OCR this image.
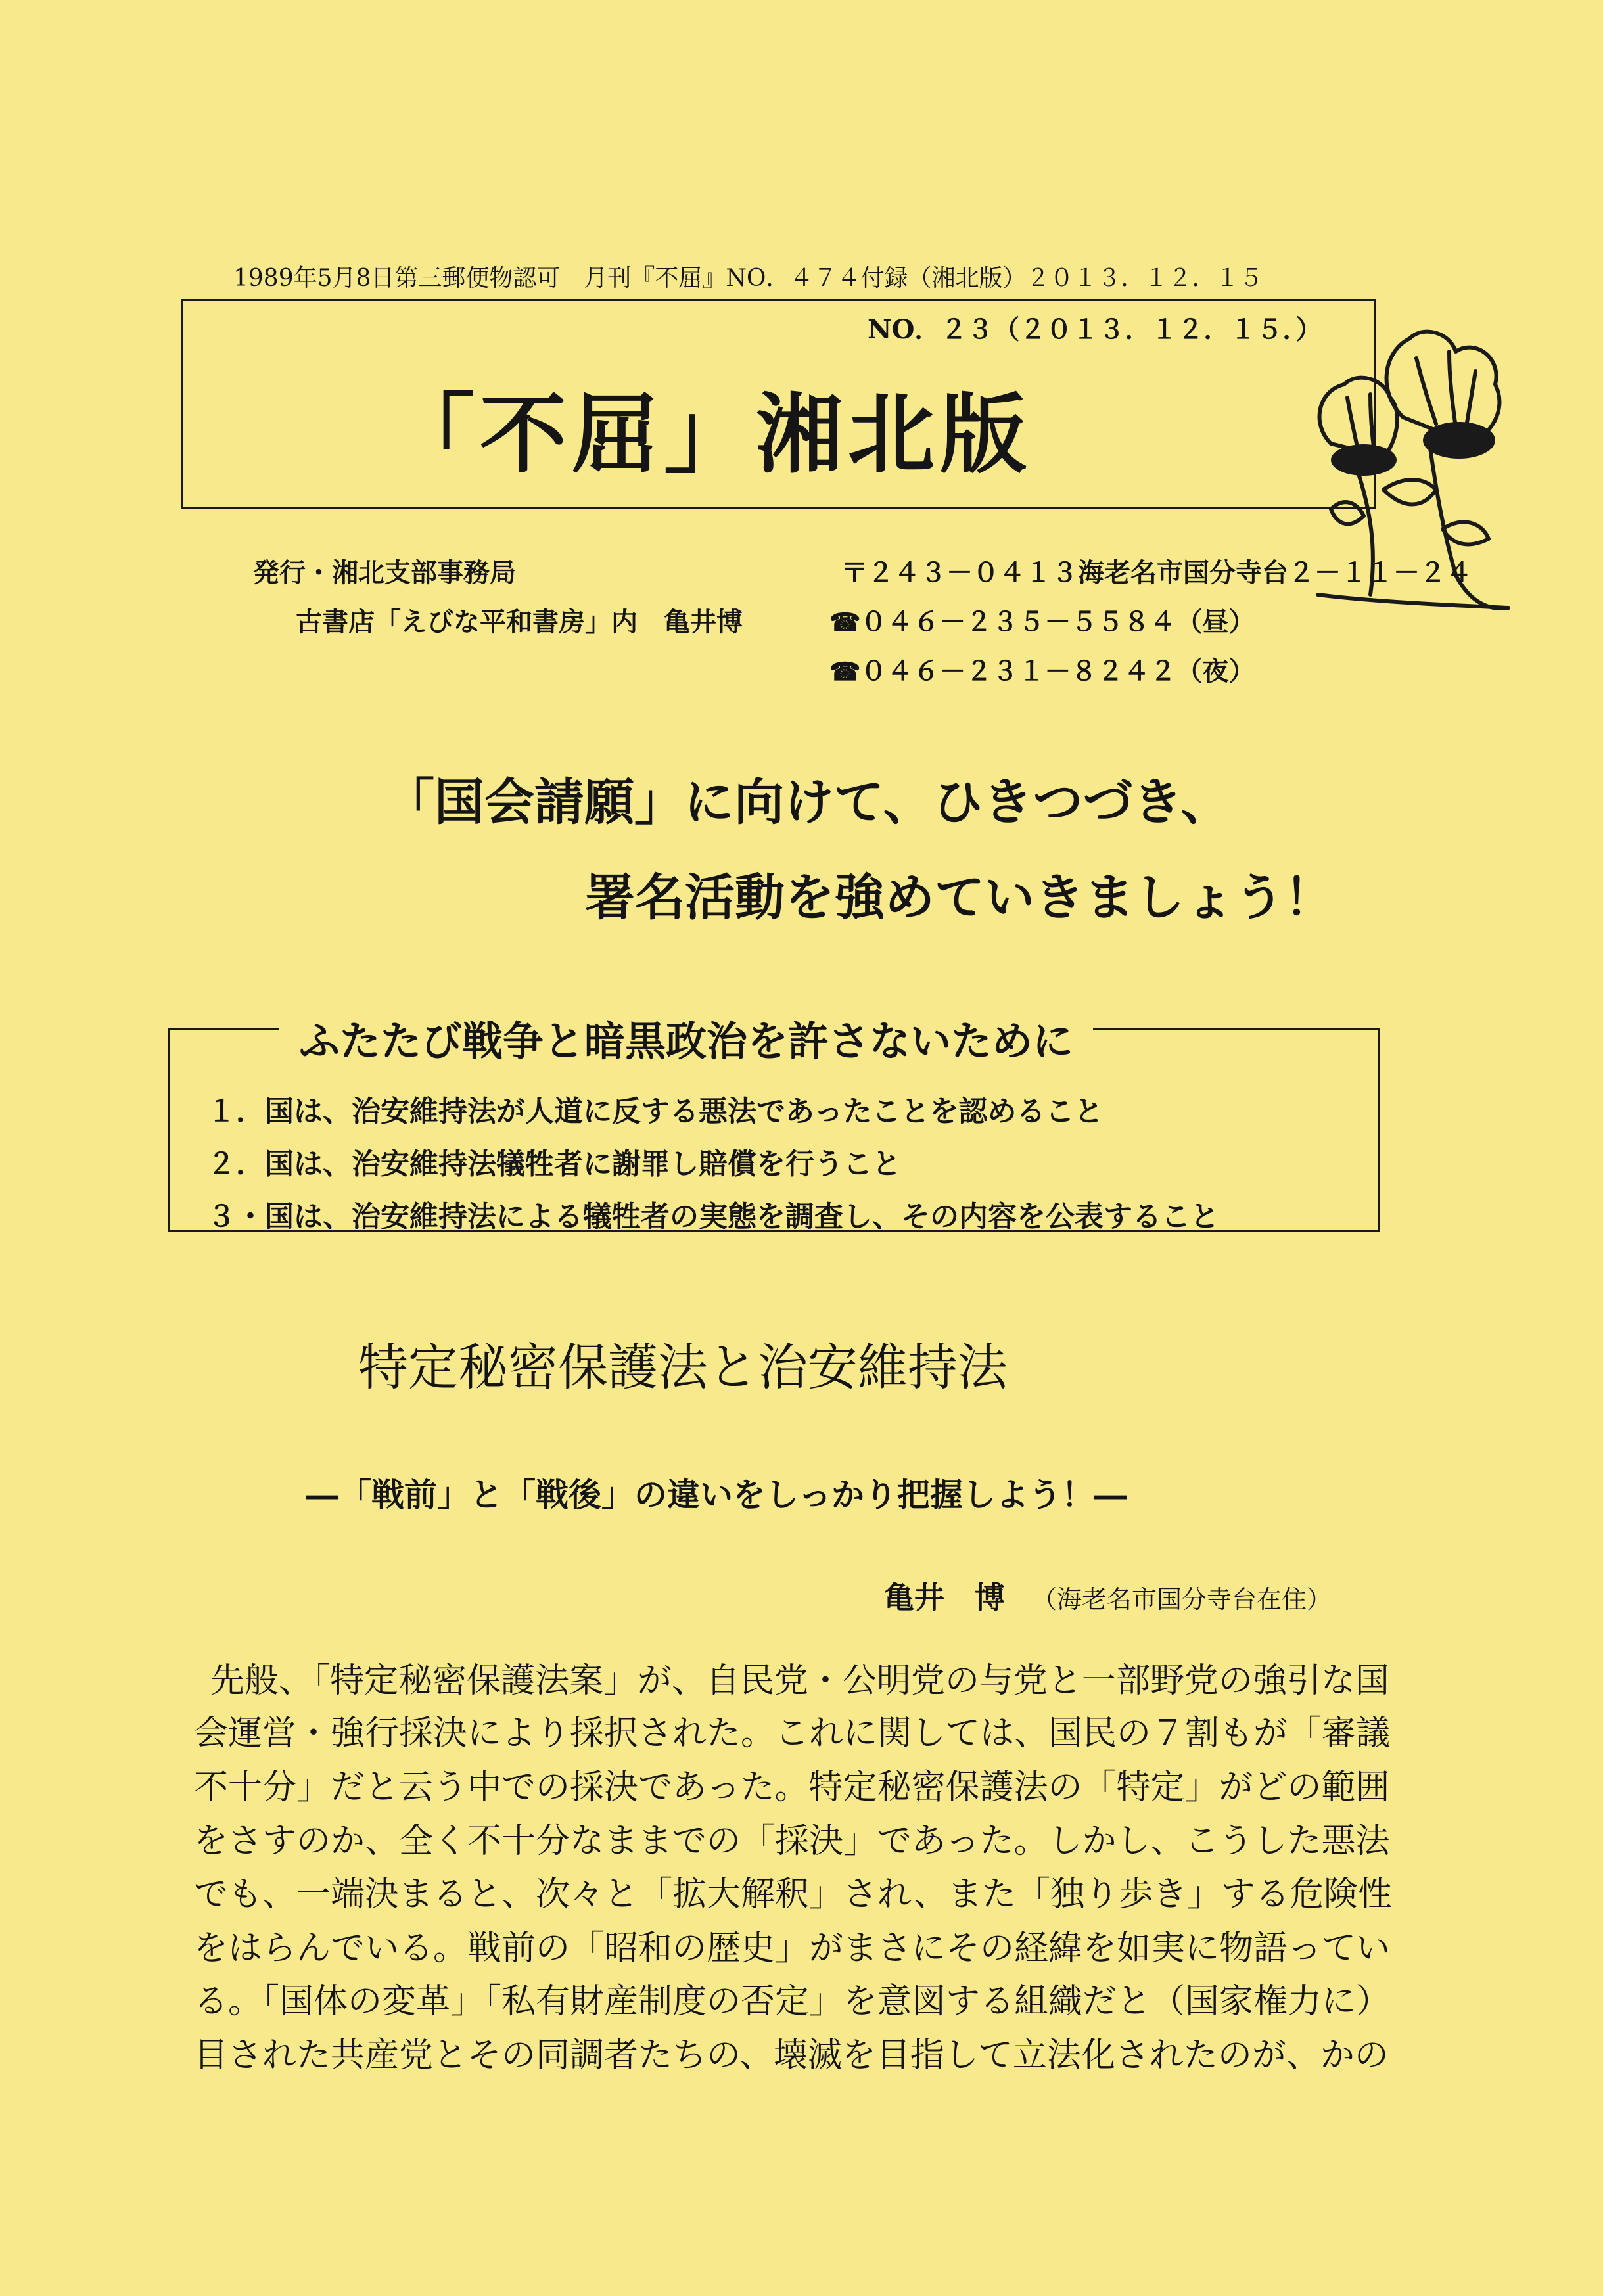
1989年5月8日第三郵便物認可　月刊『不屈』NO．４７４付録（湘北版）２０１３．１２．１５
NO．２３（２０１３．１２．１５．）
「不屈」湘北版
発行・湘北支部事務局	〒２４３－０４１３海老名市国分寺台２－１１－２４
古書店「えびな平和書房」内　亀井博	☎０４６－２３５－５５８４（昼）
☎０４６－２３１－８２４２（夜）
「国会請願」に向けて、ひきつづき、
署名活動を強めていきましょう！
ふたたび戦争と暗黒政治を許さないために
１．国は、治安維持法が人道に反する悪法であったことを認めること
２．国は、治安維持法犠牲者に謝罪し賠償を行うこと
３・国は、治安維持法による犠牲者の実態を調査し、その内容を公表すること
特定秘密保護法と治安維持法
―「戦前」と「戦後」の違いをしっかり把握しよう！―
亀井　博 （海老名市国分寺台在住）
先般、「特定秘密保護法案」が、自民党・公明党の与党と一部野党の強引な国
会運営・強行採決により採択された。これに関しては、国民の７割もが「審議
不十分」だと云う中での採決であった。特定秘密保護法の「特定」がどの範囲
をさすのか、全く不十分なままでの「採決」であった。しかし、こうした悪法
でも、一端決まると、次々と「拡大解釈」され、また「独り歩き」する危険性
をはらんでいる。戦前の「昭和の歴史」がまさにその経緯を如実に物語ってい
る。「国体の変革」「私有財産制度の否定」を意図する組織だと（国家権力に）
目された共産党とその同調者たちの、壊滅を目指して立法化されたのが、かの
